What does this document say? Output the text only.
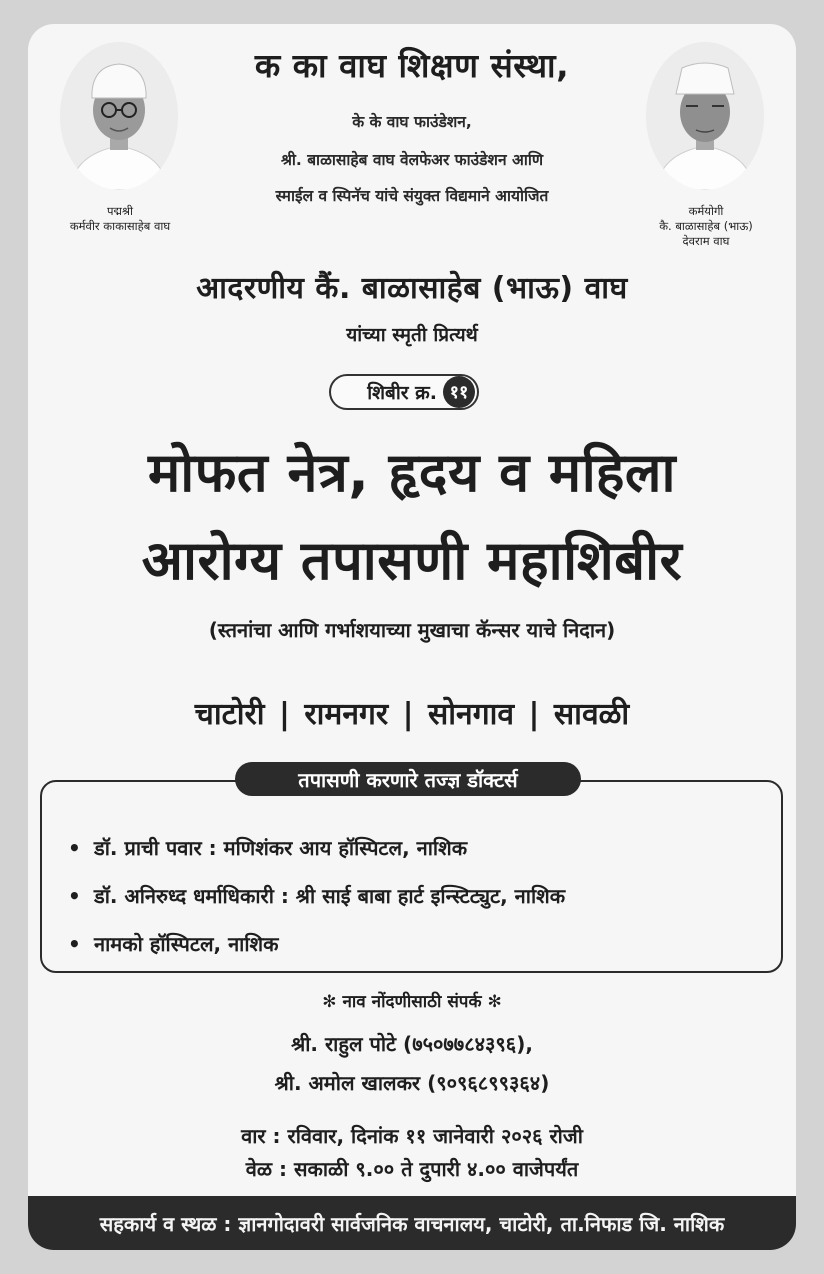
पद्मश्री
कर्मवीर काकासाहेब वाघ
कर्मयोगी
कै. बाळासाहेब (भाऊ)
देवराम वाघ
क का वाघ शिक्षण संस्था,
के के वाघ फाउंडेशन,
श्री. बाळासाहेब वाघ वेलफेअर फाउंडेशन आणि
स्माईल व स्पिनॅच यांचे संयुक्त विद्यमाने आयोजित
आदरणीय कैं. बाळासाहेब (भाऊ) वाघ
यांच्या स्मृती प्रित्यर्थ
शिबीर क्र. ११
मोफत नेत्र, हृदय व महिला
आरोग्य तपासणी महाशिबीर
(स्तनांचा आणि गर्भाशयाच्या मुखाचा कॅन्सर याचे निदान)
चाटोरी | रामनगर | सोनगाव | सावळी
तपासणी करणारे तज्ज्ञ डॉक्टर्स
• डॉ. प्राची पवार : मणिशंकर आय हॉस्पिटल, नाशिक
• डॉ. अनिरुध्द धर्माधिकारी : श्री साई बाबा हार्ट इन्स्टिट्युट, नाशिक
• नामको हॉस्पिटल, नाशिक
✻ नाव नोंदणीसाठी संपर्क ✻
श्री. राहुल पोटे (७५०७७८४३९६),
श्री. अमोल खालकर (९०९६८९९३६४)
वार : रविवार, दिनांक ११ जानेवारी २०२६ रोजी
वेळ : सकाळी ९.०० ते दुपारी ४.०० वाजेपर्यंत
सहकार्य व स्थळ : ज्ञानगोदावरी सार्वजनिक वाचनालय, चाटोरी, ता.निफाड जि. नाशिक
